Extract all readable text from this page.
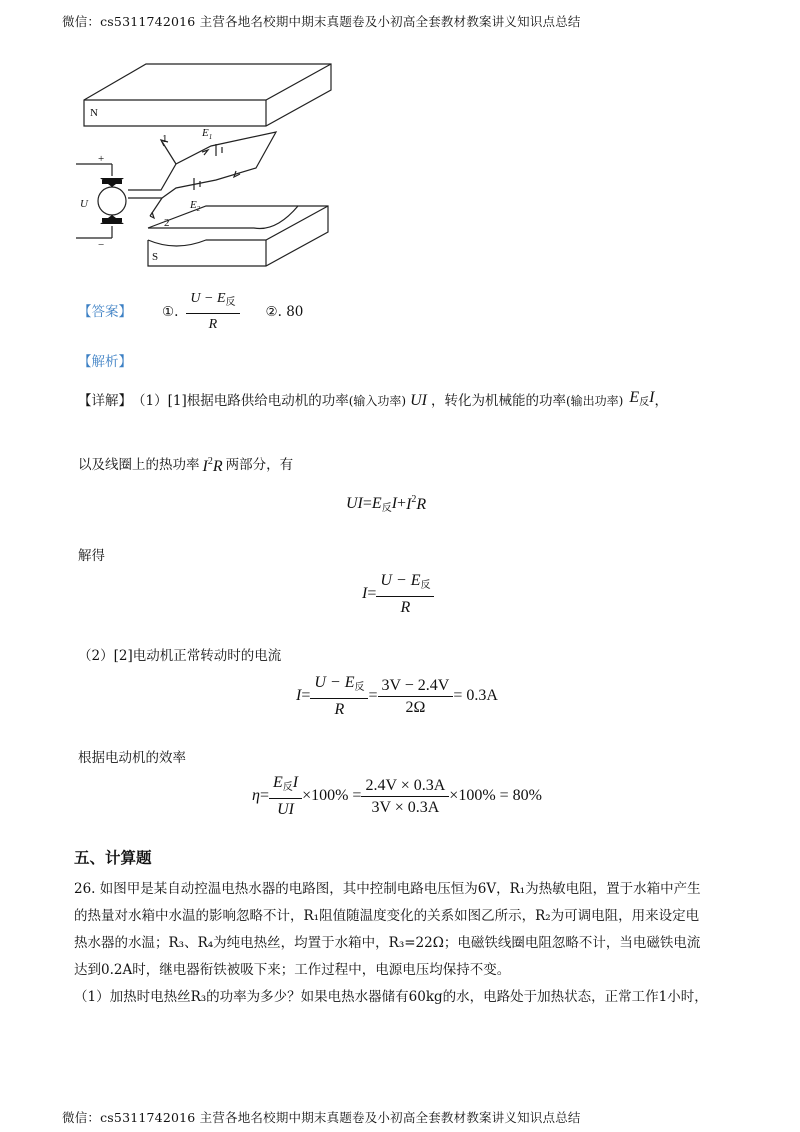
微信：cs5311742016 主营各地名校期中期末真题卷及小初高全套教材教案讲义知识点总结
N
S
U
+
−
1
2
$E_1$
$E_2$
【答案】 ①. $\frac{U - E_反}{R}$ ②. 80
【解析】
【详解】 （1）[1]根据电路供给电动机的功率 (输入功率) UI ，转化为机械能的功率 (输出功率) $E_反I$ ，
以及线圈上的热功率 $I^2R$ 两部分，有
UI = $E_反I + I^2R$
解得
$I = \frac{U - E_反}{R}$
（2）[2]电动机正常转动时的电流
$I = \frac{U - E_反}{R} = \frac{3V - 2.4V}{2\Omega} = 0.3A$
根据电动机的效率
$\eta = \frac{E_反I}{UI} \times 100\% = \frac{2.4V \times 0.3A}{3V \times 0.3A} \times 100\% = 80\%$
五、计算题
26. 如图甲是某自动控温电热水器的电路图，其中控制电路电压恒为6V，R₁为热敏电阻，置于水箱中产生
的热量对水箱中水温的影响忽略不计，R₁阻值随温度变化的关系如图乙所示，R₂为可调电阻，用来设定电
热水器的水温；R₃、R₄为纯电热丝，均置于水箱中，R₃=22Ω；电磁铁线圈电阻忽略不计，当电磁铁电流
达到0.2A时，继电器衔铁被吸下来；工作过程中，电源电压均保持不变。
（1）加热时电热丝R₃的功率为多少？如果电热水器储有60kg的水，电路处于加热状态，正常工作1小时，
微信：cs5311742016 主营各地名校期中期末真题卷及小初高全套教材教案讲义知识点总结
